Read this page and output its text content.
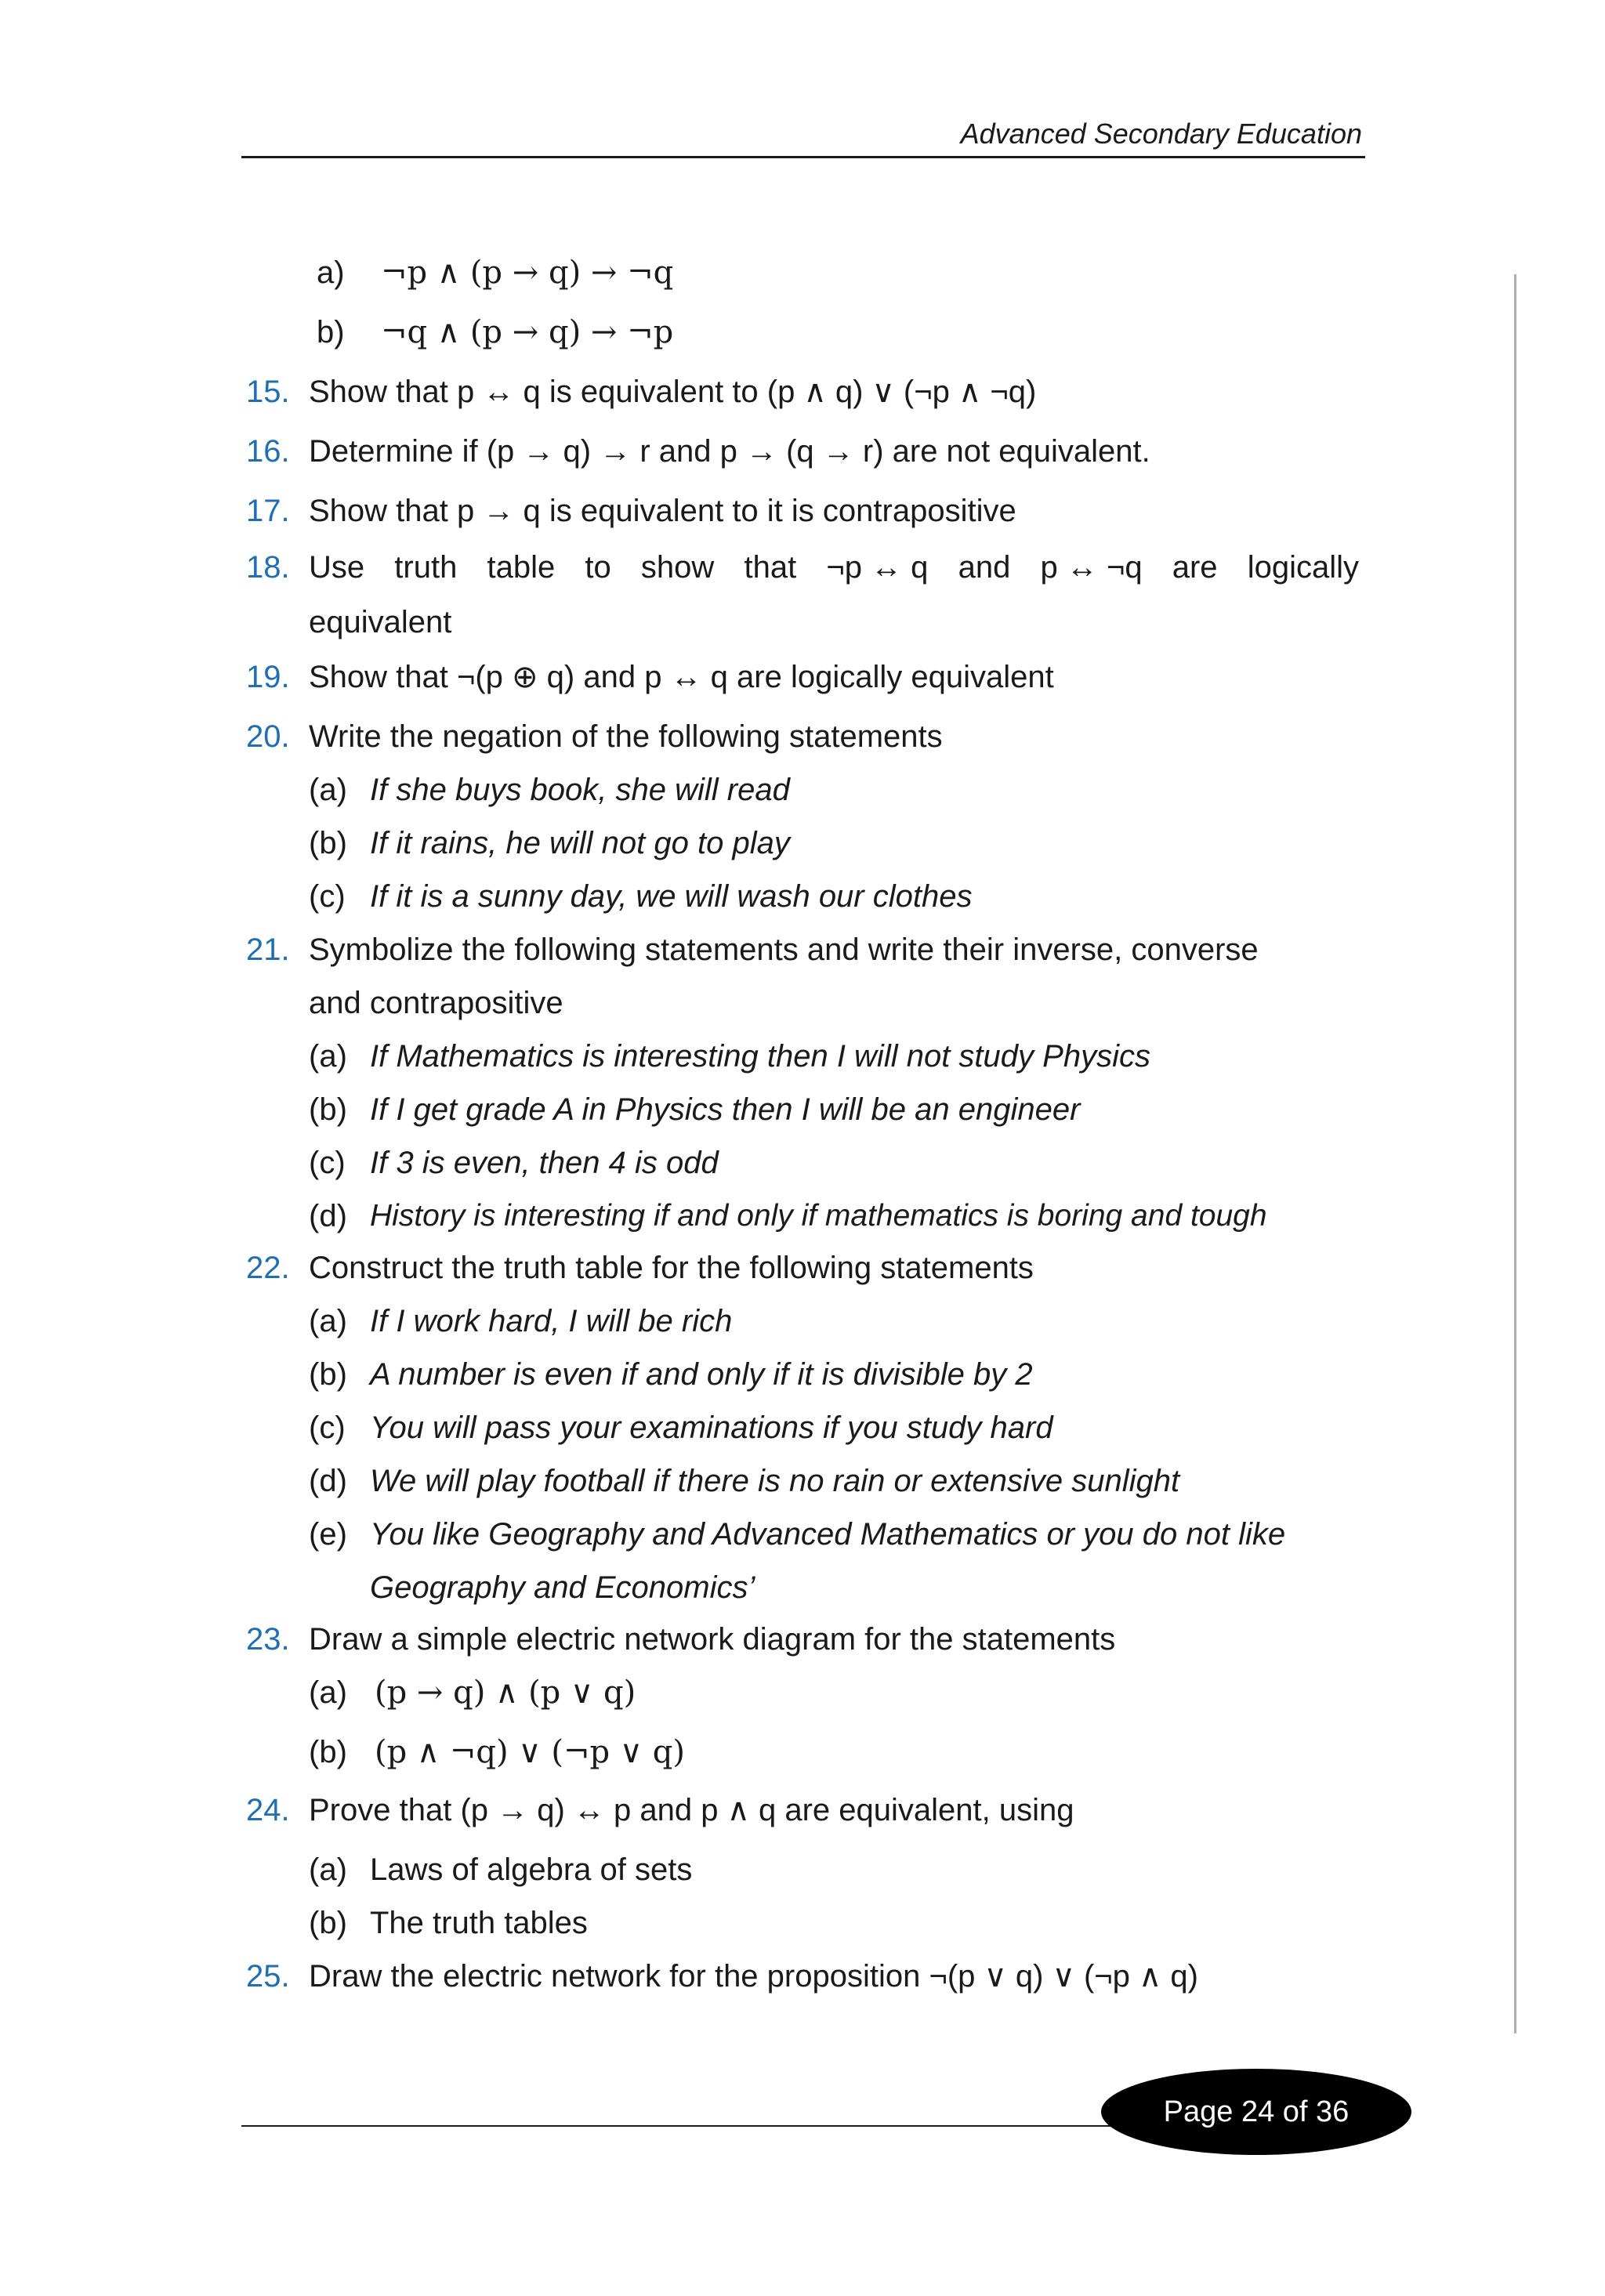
Advanced Secondary Education
a) ¬p ∧ (p → q) → ¬q
b) ¬q ∧ (p → q) → ¬p
15. Show that p ↔ q is equivalent to (p ∧ q) ∨ (¬p ∧ ¬q)
16. Determine if (p → q) → r and p → (q → r) are not equivalent.
17. Show that p → q is equivalent to it is contrapositive
18. Use truth table to show that ¬p ↔ q and p ↔ ¬q are logically
equivalent
19. Show that ¬(p ⊕ q) and p ↔ q are logically equivalent
20. Write the negation of the following statements
(a) If she buys book, she will read
(b) If it rains, he will not go to play
(c) If it is a sunny day, we will wash our clothes
21. Symbolize the following statements and write their inverse, converse
and contrapositive
(a) If Mathematics is interesting then I will not study Physics
(b) If I get grade A in Physics then I will be an engineer
(c) If 3 is even, then 4 is odd
(d) History is interesting if and only if mathematics is boring and tough
22. Construct the truth table for the following statements
(a) If I work hard, I will be rich
(b) A number is even if and only if it is divisible by 2
(c) You will pass your examinations if you study hard
(d) We will play football if there is no rain or extensive sunlight
(e) You like Geography and Advanced Mathematics or you do not like
Geography and Economics’
23. Draw a simple electric network diagram for the statements
(a) (p → q) ∧ (p ∨ q)
(b) (p ∧ ¬q) ∨ (¬p ∨ q)
24. Prove that (p → q) ↔ p and p ∧ q are equivalent, using
(a) Laws of algebra of sets
(b) The truth tables
25. Draw the electric network for the proposition ¬(p ∨ q) ∨ (¬p ∧ q)
Page 24 of 36
